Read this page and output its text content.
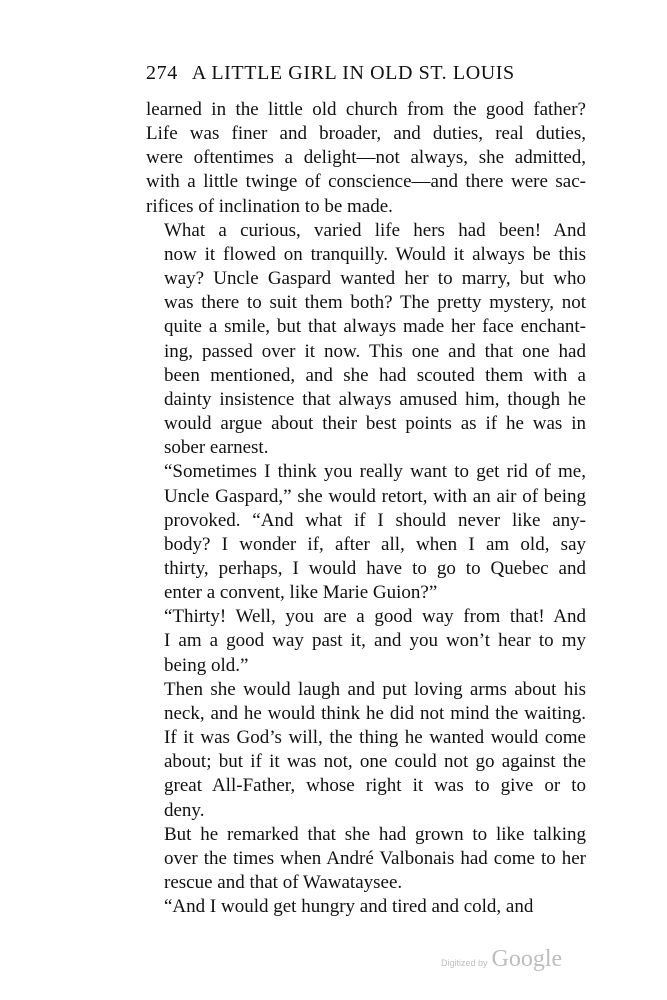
274 A LITTLE GIRL IN OLD ST. LOUIS

learned in the little old church from the good father?
Life was finer and broader, and duties, real duties,
were oftentimes a delight—not always, she admitted,
with a little twinge of conscience—and there were sac-
rifices of inclination to be made.

What a curious, varied life hers had been! And
now it flowed on tranquilly. Would it always be this
way? Uncle Gaspard wanted her to marry, but who
was there to suit them both? The pretty mystery, not
quite a smile, but that always made her face enchant-
ing, passed over it now. This one and that one had
been mentioned, and she had scouted them with a
dainty insistence that always amused him, though he
would argue about their best points as if he was in
sober earnest.

“Sometimes I think you really want to get rid of me,
Uncle Gaspard,” she would retort, with an air of being
provoked. “And what if I should never like any-
body? I wonder if, after all, when I am old, say
thirty, perhaps, I would have to go to Quebec and
enter a convent, like Marie Guion?”

“Thirty! Well, you are a good way from that! And
I am a good way past it, and you won’t hear to my
being old.”

Then she would laugh and put loving arms about his
neck, and he would think he did not mind the waiting.
If it was God’s will, the thing he wanted would come
about; but if it was not, one could not go against the
great All-Father, whose right it was to give or to
deny.

But he remarked that she had grown to like talking
over the times when André Valbonais had come to her
rescue and that of Wawataysee.

“And I would get hungry and tired and cold, and

Digitized by Google
